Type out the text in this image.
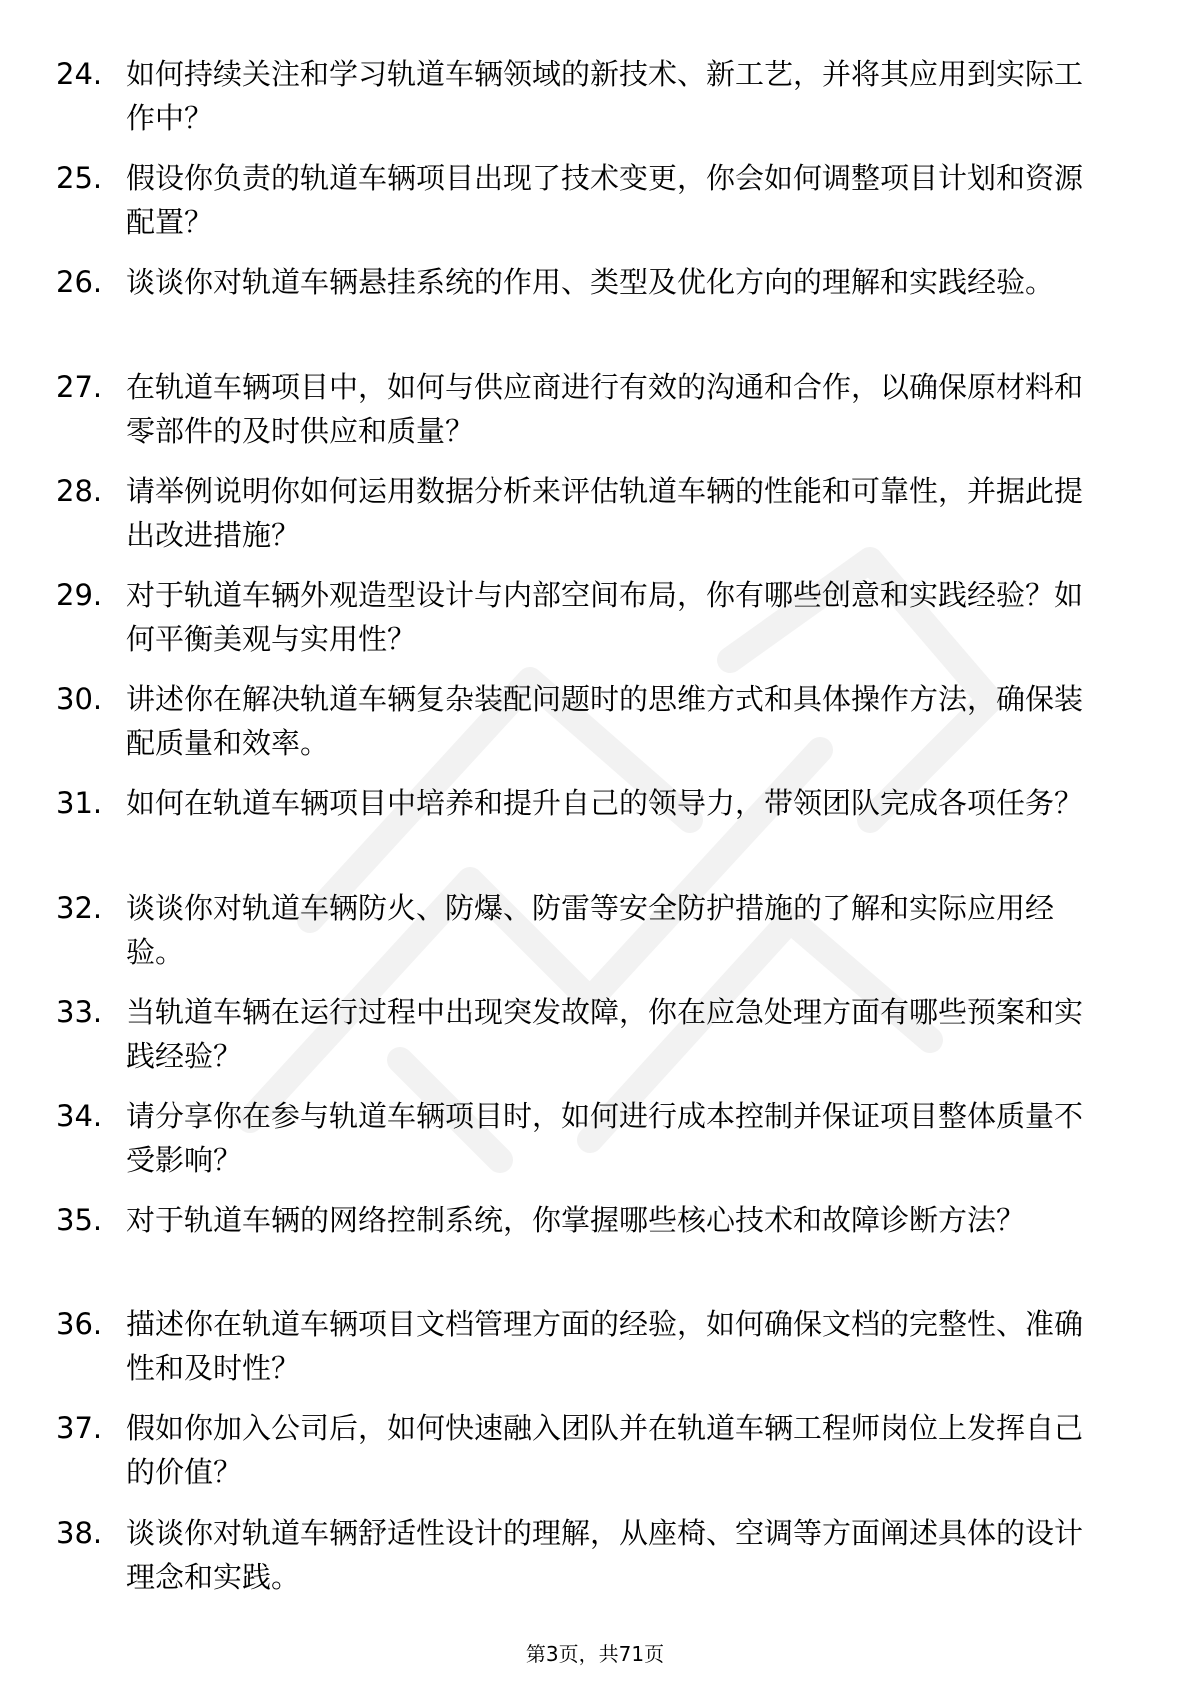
24. 如何持续关注和学习轨道车辆领域的新技术、新工艺，并将其应用到实际工作中？
25. 假设你负责的轨道车辆项目出现了技术变更，你会如何调整项目计划和资源配置？
26. 谈谈你对轨道车辆悬挂系统的作用、类型及优化方向的理解和实践经验。
27. 在轨道车辆项目中，如何与供应商进行有效的沟通和合作，以确保原材料和零部件的及时供应和质量？
28. 请举例说明你如何运用数据分析来评估轨道车辆的性能和可靠性，并据此提出改进措施？
29. 对于轨道车辆外观造型设计与内部空间布局，你有哪些创意和实践经验？如何平衡美观与实用性？
30. 讲述你在解决轨道车辆复杂装配问题时的思维方式和具体操作方法，确保装配质量和效率。
31. 如何在轨道车辆项目中培养和提升自己的领导力，带领团队完成各项任务？
32. 谈谈你对轨道车辆防火、防爆、防雷等安全防护措施的了解和实际应用经验。
33. 当轨道车辆在运行过程中出现突发故障，你在应急处理方面有哪些预案和实践经验？
34. 请分享你在参与轨道车辆项目时，如何进行成本控制并保证项目整体质量不受影响？
35. 对于轨道车辆的网络控制系统，你掌握哪些核心技术和故障诊断方法？
36. 描述你在轨道车辆项目文档管理方面的经验，如何确保文档的完整性、准确性和及时性？
37. 假如你加入公司后，如何快速融入团队并在轨道车辆工程师岗位上发挥自己的价值？
38. 谈谈你对轨道车辆舒适性设计的理解，从座椅、空调等方面阐述具体的设计理念和实践。
第3页，共71页
